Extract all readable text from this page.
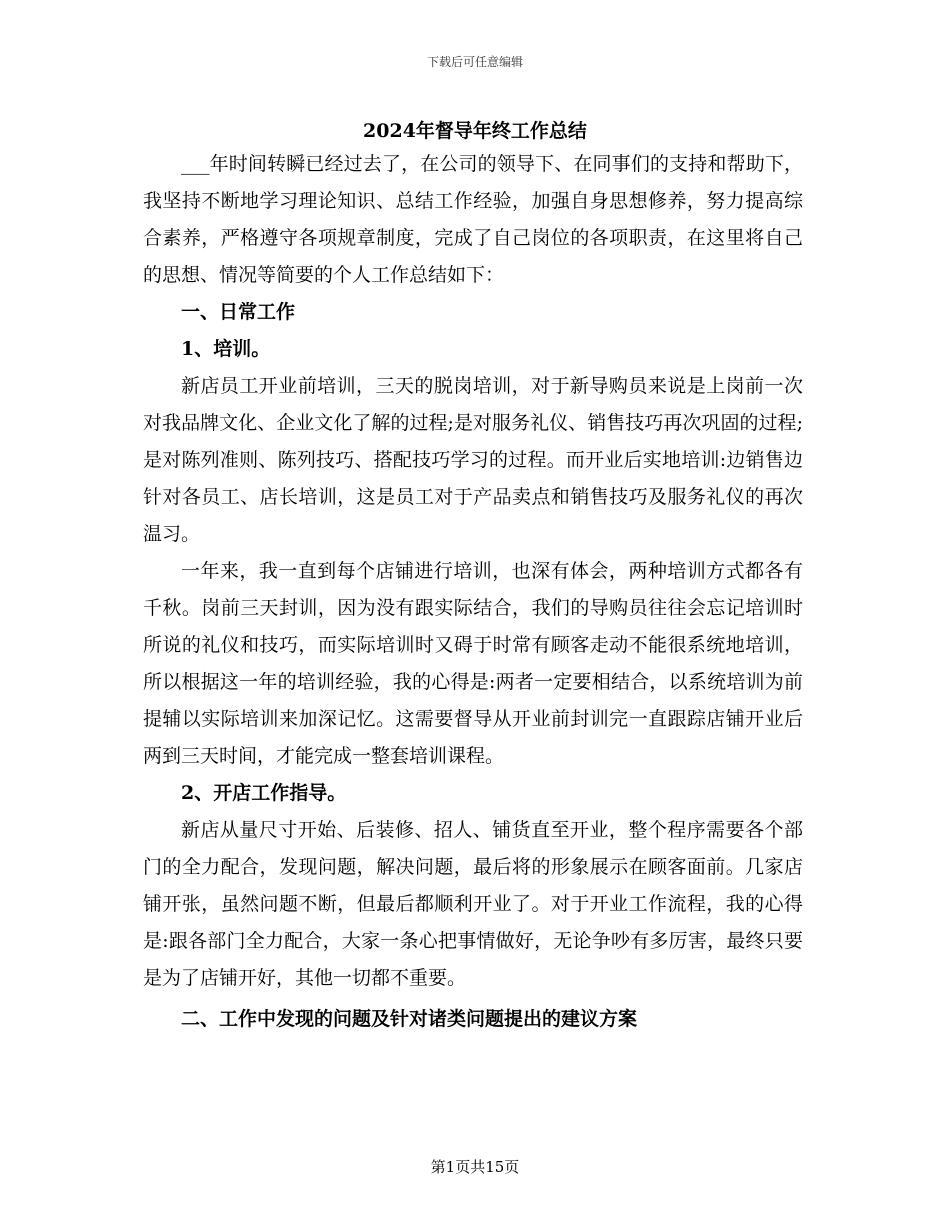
下载后可任意编辑
2024年督导年终工作总结

___年时间转瞬已经过去了，在公司的领导下、在同事们的支持和帮助下，我坚持不断地学习理论知识、总结工作经验，加强自身思想修养，努力提高综合素养，严格遵守各项规章制度，完成了自己岗位的各项职责，在这里将自己的思想、情况等简要的个人工作总结如下：

一、日常工作

1、培训。

新店员工开业前培训，三天的脱岗培训，对于新导购员来说是上岗前一次对我品牌文化、企业文化了解的过程;是对服务礼仪、销售技巧再次巩固的过程;是对陈列准则、陈列技巧、搭配技巧学习的过程。而开业后实地培训:边销售边针对各员工、店长培训，这是员工对于产品卖点和销售技巧及服务礼仪的再次温习。

一年来，我一直到每个店铺进行培训，也深有体会，两种培训方式都各有千秋。岗前三天封训，因为没有跟实际结合，我们的导购员往往会忘记培训时所说的礼仪和技巧，而实际培训时又碍于时常有顾客走动不能很系统地培训，所以根据这一年的培训经验，我的心得是:两者一定要相结合，以系统培训为前提辅以实际培训来加深记忆。这需要督导从开业前封训完一直跟踪店铺开业后两到三天时间，才能完成一整套培训课程。

2、开店工作指导。

新店从量尺寸开始、后装修、招人、铺货直至开业，整个程序需要各个部门的全力配合，发现问题，解决问题，最后将的形象展示在顾客面前。几家店铺开张，虽然问题不断，但最后都顺利开业了。对于开业工作流程，我的心得是:跟各部门全力配合，大家一条心把事情做好，无论争吵有多厉害，最终只要是为了店铺开好，其他一切都不重要。

二、工作中发现的问题及针对诸类问题提出的建议方案

第1页共15页
